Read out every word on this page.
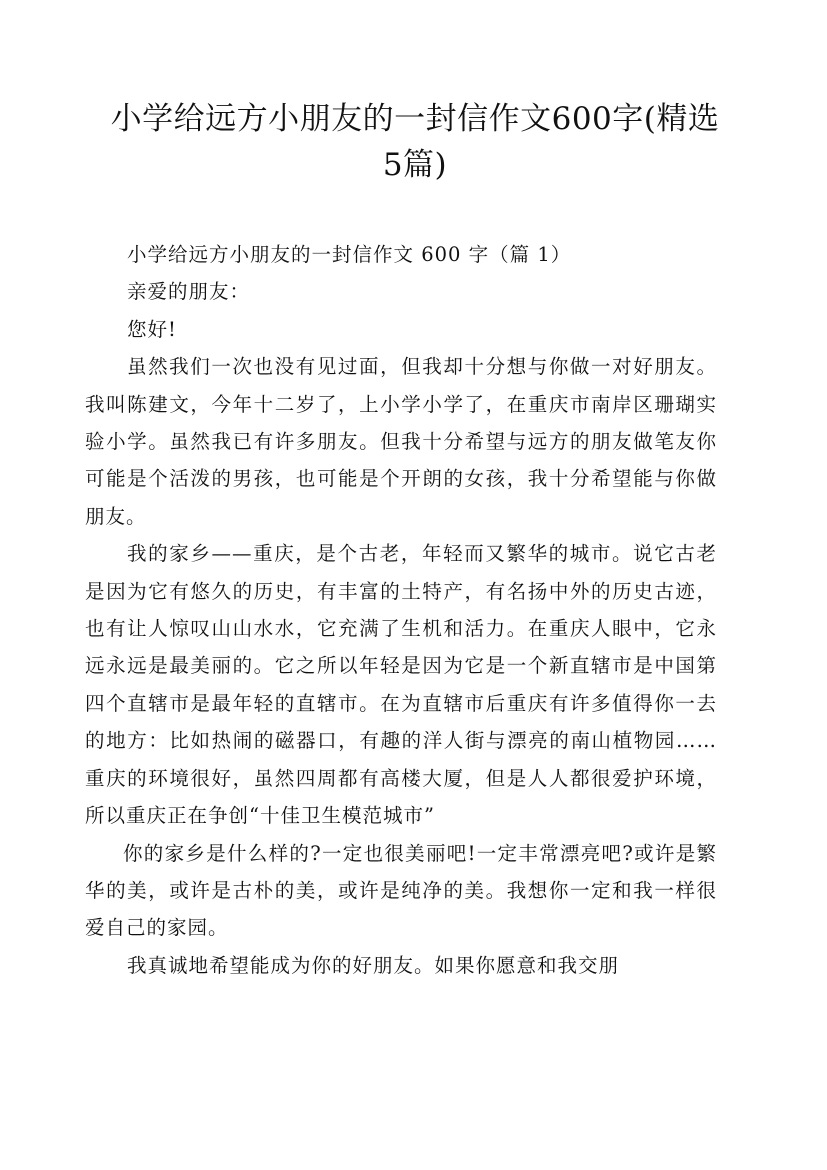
小学给远方小朋友的一封信作文600字(精选5篇)

小学给远方小朋友的一封信作文 600 字（篇 1）

亲爱的朋友：

您好!

虽然我们一次也没有见过面，但我却十分想与你做一对好朋友。我叫陈建文，今年十二岁了，上小学小学了，在重庆市南岸区珊瑚实验小学。虽然我已有许多朋友。但我十分希望与远方的朋友做笔友你可能是个活泼的男孩，也可能是个开朗的女孩，我十分希望能与你做朋友。

我的家乡——重庆，是个古老，年轻而又繁华的城市。说它古老是因为它有悠久的历史，有丰富的土特产，有名扬中外的历史古迹，也有让人惊叹山山水水，它充满了生机和活力。在重庆人眼中，它永远永远是最美丽的。它之所以年轻是因为它是一个新直辖市是中国第四个直辖市是最年轻的直辖市。在为直辖市后重庆有许多值得你一去的地方：比如热闹的磁器口，有趣的洋人街与漂亮的南山植物园……重庆的环境很好，虽然四周都有高楼大厦，但是人人都很爱护环境，所以重庆正在争创“十佳卫生模范城市”

你的家乡是什么样的?一定也很美丽吧!一定丰常漂亮吧?或许是繁华的美，或许是古朴的美，或许是纯净的美。我想你一定和我一样很爱自己的家园。

我真诚地希望能成为你的好朋友。如果你愿意和我交朋
